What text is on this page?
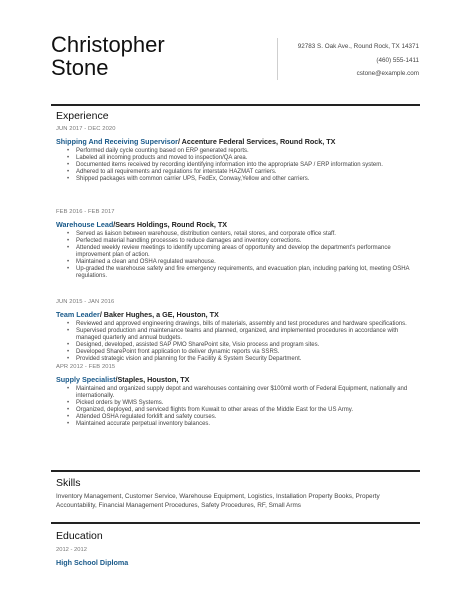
Christopher
Stone
92783 S. Oak Ave., Round Rock, TX 14371
(460) 555-1411
cstone@example.com
Experience
JUN 2017 - DEC 2020
Shipping And Receiving Supervisor/ Accenture Federal Services, Round Rock, TX
• Performed daily cycle counting based on ERP generated reports.
• Labeled all incoming products and moved to inspection/QA area.
• Documented items received by recording identifying information into the appropriate SAP / ERP information system.
• Adhered to all requirements and regulations for interstate HAZMAT carriers.
• Shipped packages with common carrier UPS, FedEx, Conway,Yellow and other carriers.
FEB 2016 - FEB 2017
Warehouse Lead/Sears Holdings, Round Rock, TX
• Served as liaison between warehouse, distribution centers, retail stores, and corporate office staff.
• Perfected material handling processes to reduce damages and inventory corrections.
• Attended weekly review meetings to identify upcoming areas of opportunity and develop the department's performance improvement plan of action.
• Maintained a clean and OSHA regulated warehouse.
• Up-graded the warehouse safety and fire emergency requirements, and evacuation plan, including parking lot, meeting OSHA regulations.
JUN 2015 - JAN 2016
Team Leader/ Baker Hughes, a GE, Houston, TX
• Reviewed and approved engineering drawings, bills of materials, assembly and test procedures and hardware specifications.
• Supervised production and maintenance teams and planned, organized, and implemented procedures in accordance with managed quarterly and annual budgets.
• Designed, developed, assisted SAP PMO SharePoint site, Visio process and program sites.
• Developed SharePoint front application to deliver dynamic reports via SSRS.
• Provided strategic vision and planning for the Facility & System Security Department.
APR 2012 - FEB 2015
Supply Specialist/Staples, Houston, TX
• Maintained and organized supply depot and warehouses containing over $100mil worth of Federal Equipment, nationally and internationally.
• Picked orders by WMS Systems.
• Organized, deployed, and serviced flights from Kuwait to other areas of the Middle East for the US Army.
• Attended OSHA regulated forklift and safety courses.
• Maintained accurate perpetual inventory balances.
Skills
Inventory Management, Customer Service, Warehouse Equipment, Logistics, Installation Property Books, Property Accountability, Financial Management Procedures, Safety Procedures, RF, Small Arms
Education
2012 - 2012
High School Diploma
